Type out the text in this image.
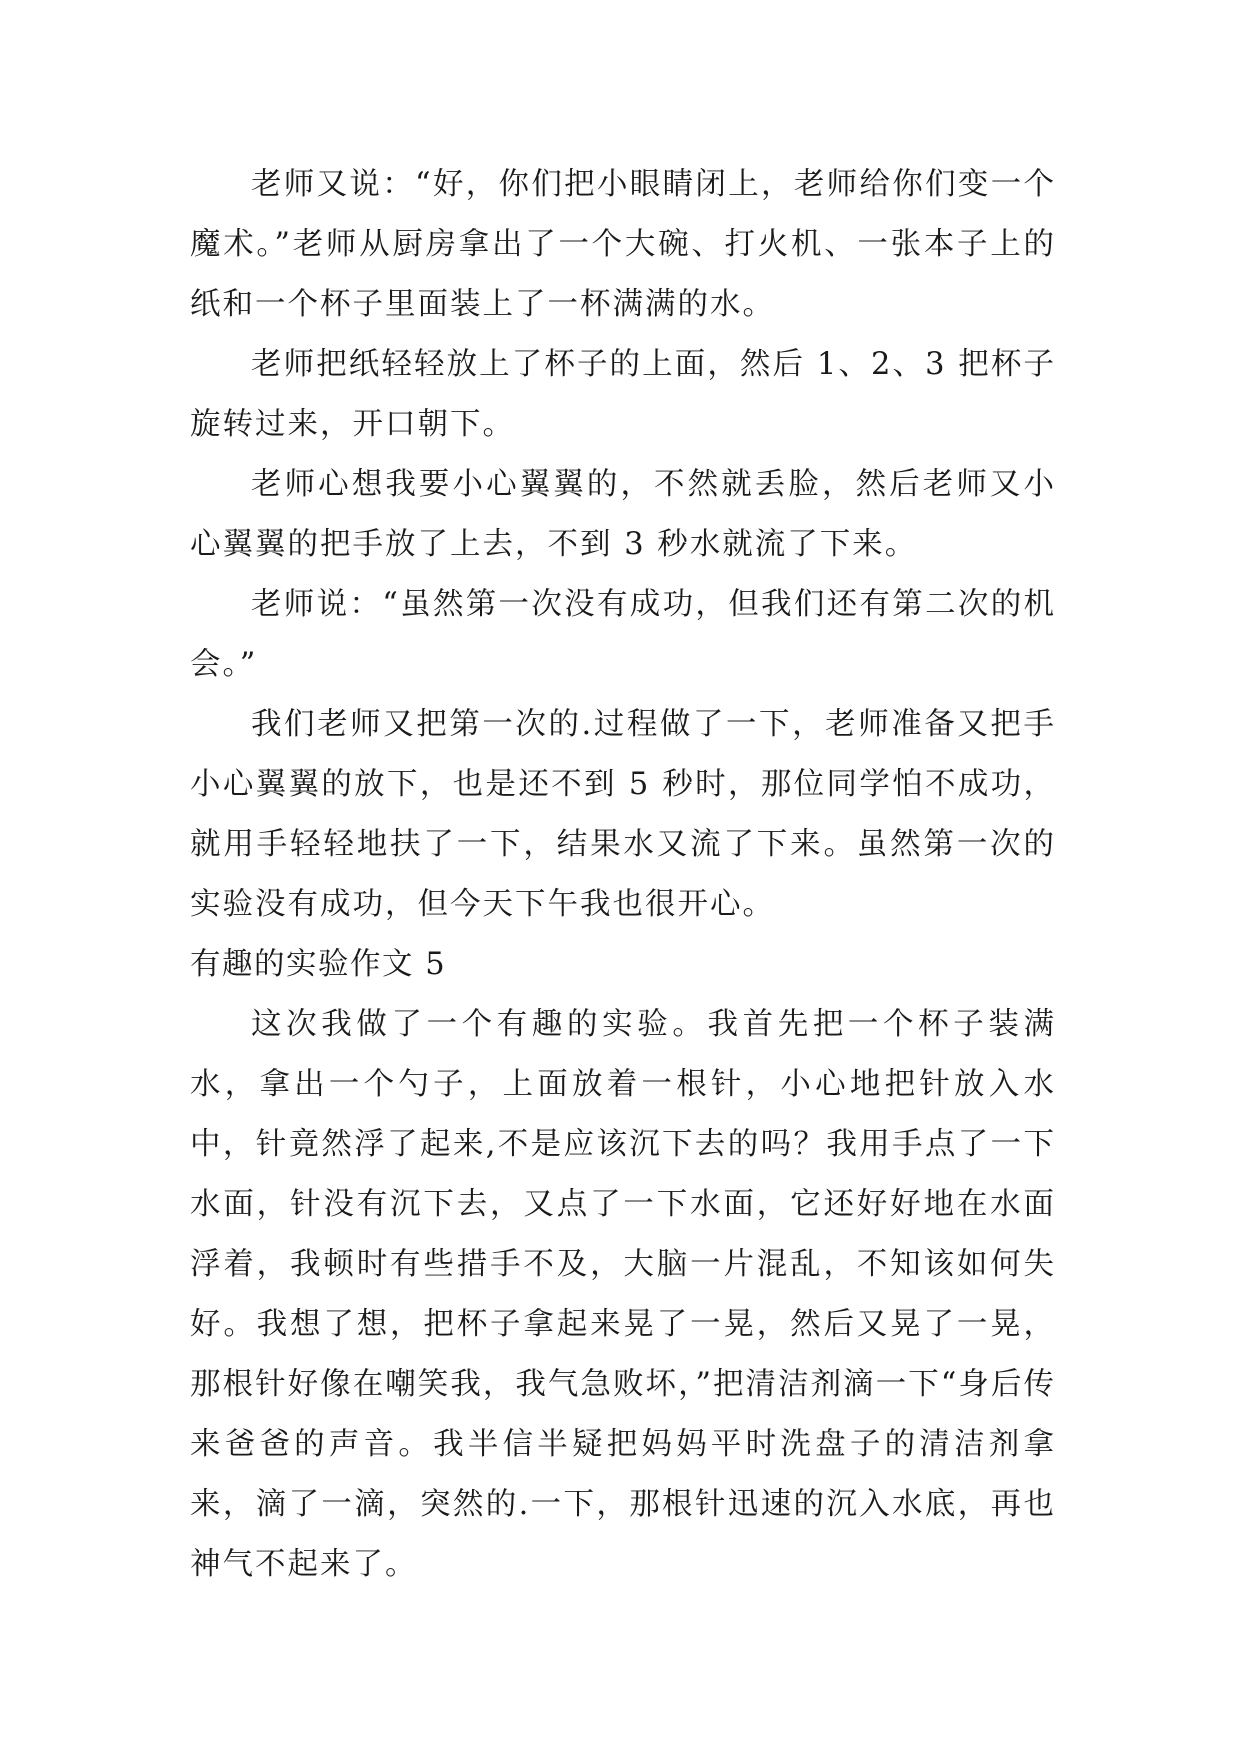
老师又说：“好，你们把小眼睛闭上，老师给你们变一个魔术。”老师从厨房拿出了一个大碗、打火机、一张本子上的纸和一个杯子里面装上了一杯满满的水。

老师把纸轻轻放上了杯子的上面，然后 1、2、3 把杯子旋转过来，开口朝下。

老师心想我要小心翼翼的，不然就丢脸，然后老师又小心翼翼的把手放了上去，不到 3 秒水就流了下来。

老师说：“虽然第一次没有成功，但我们还有第二次的机会。”

我们老师又把第一次的.过程做了一下，老师准备又把手小心翼翼的放下，也是还不到 5 秒时，那位同学怕不成功，就用手轻轻地扶了一下，结果水又流了下来。虽然第一次的实验没有成功，但今天下午我也很开心。

有趣的实验作文 5

这次我做了一个有趣的实验。我首先把一个杯子装满水，拿出一个勺子，上面放着一根针，小心地把针放入水中，针竟然浮了起来,不是应该沉下去的吗？我用手点了一下水面，针没有沉下去，又点了一下水面，它还好好地在水面浮着，我顿时有些措手不及，大脑一片混乱，不知该如何失好。我想了想，把杯子拿起来晃了一晃，然后又晃了一晃，那根针好像在嘲笑我，我气急败坏，”把清洁剂滴一下“身后传来爸爸的声音。我半信半疑把妈妈平时洗盘子的清洁剂拿来，滴了一滴，突然的.一下，那根针迅速的沉入水底，再也神气不起来了。
